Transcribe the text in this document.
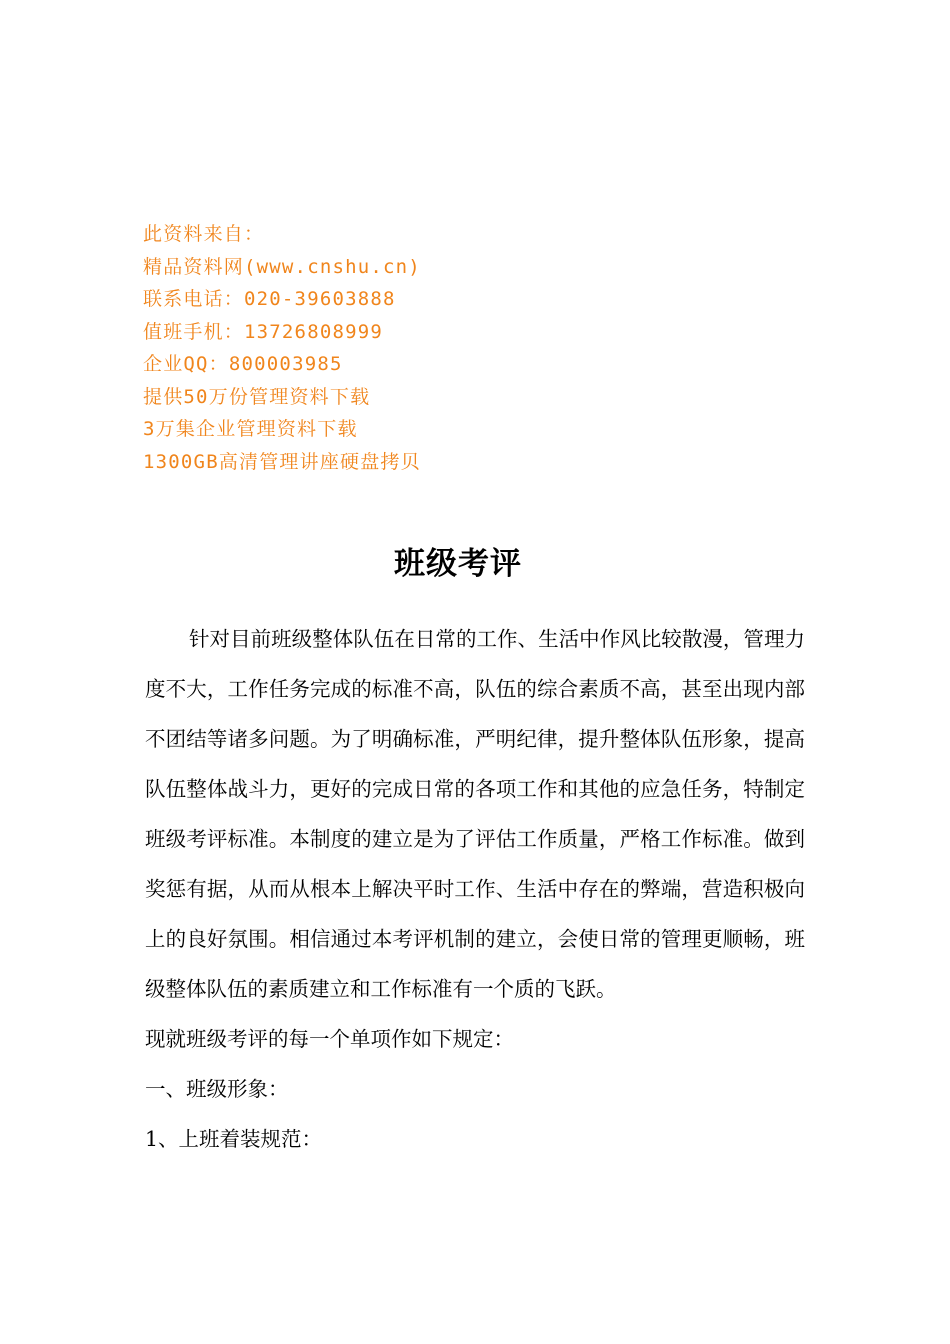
此资料来自：
精品资料网(www.cnshu.cn)
联系电话：020-39603888
值班手机：13726808999
企业QQ：800003985
提供50万份管理资料下载
3万集企业管理资料下载
1300GB高清管理讲座硬盘拷贝
班级考评

针对目前班级整体队伍在日常的工作、生活中作风比较散漫，管理力度不大，工作任务完成的标准不高，队伍的综合素质不高，甚至出现内部不团结等诸多问题。为了明确标准，严明纪律，提升整体队伍形象，提高队伍整体战斗力，更好的完成日常的各项工作和其他的应急任务，特制定班级考评标准。本制度的建立是为了评估工作质量，严格工作标准。做到奖惩有据，从而从根本上解决平时工作、生活中存在的弊端，营造积极向上的良好氛围。相信通过本考评机制的建立，会使日常的管理更顺畅，班级整体队伍的素质建立和工作标准有一个质的飞跃。

现就班级考评的每一个单项作如下规定：

一、班级形象：

1、上班着装规范：
